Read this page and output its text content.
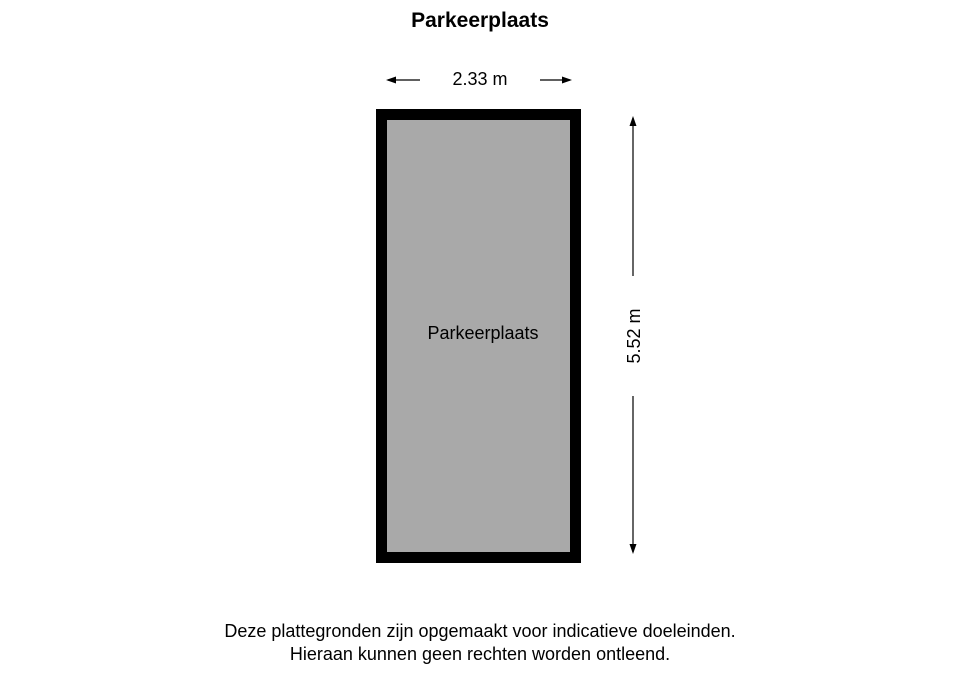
Parkeerplaats
2.33 m
5.52 m
Parkeerplaats
Deze plattegronden zijn opgemaakt voor indicatieve doeleinden.
Hieraan kunnen geen rechten worden ontleend.
